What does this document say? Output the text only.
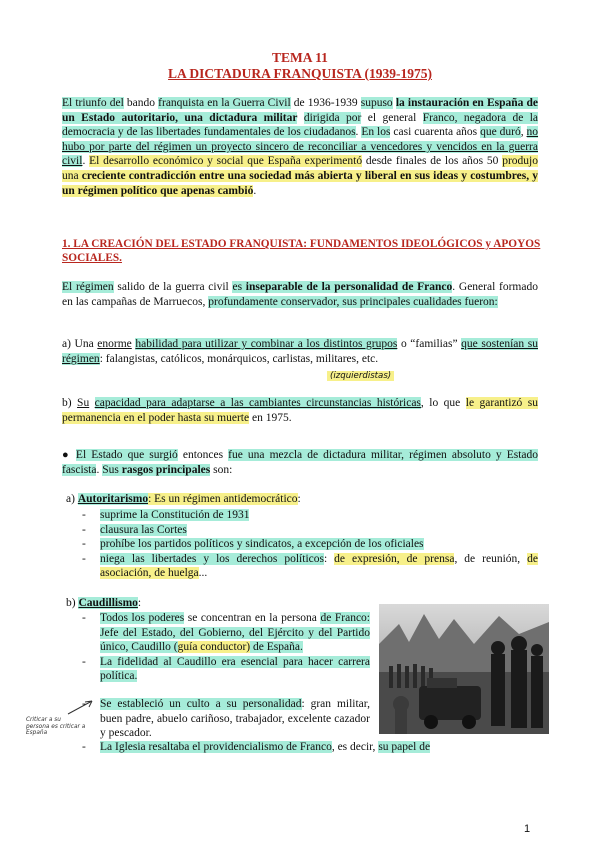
TEMA 11
LA DICTADURA FRANQUISTA (1939-1975)
El triunfo del bando franquista en la Guerra Civil de 1936-1939 supuso la instauración en España de un Estado autoritario, una dictadura militar dirigida por el general Franco, negadora de la democracia y de las libertades fundamentales de los ciudadanos. En los casi cuarenta años que duró, no hubo por parte del régimen un proyecto sincero de reconciliar a vencedores y vencidos en la guerra civil. El desarrollo económico y social que España experimentó desde finales de los años 50 produjo una creciente contradicción entre una sociedad más abierta y liberal en sus ideas y costumbres, y un régimen político que apenas cambió.
1. LA CREACIÓN DEL ESTADO FRANQUISTA: FUNDAMENTOS IDEOLÓGICOS y APOYOS SOCIALES.
El régimen salido de la guerra civil es inseparable de la personalidad de Franco. General formado en las campañas de Marruecos, profundamente conservador, sus principales cualidades fueron:
a) Una enorme habilidad para utilizar y combinar a los distintos grupos o “familias” que sostenían su régimen: falangistas, católicos, monárquicos, carlistas, militares, etc.
(izquierdistas)
b) Su capacidad para adaptarse a las cambiantes circunstancias históricas, lo que le garantizó su permanencia en el poder hasta su muerte en 1975.
● El Estado que surgió entonces fue una mezcla de dictadura militar, régimen absoluto y Estado fascista. Sus rasgos principales son:
a) Autoritarismo: Es un régimen antidemocrático:
- suprime la Constitución de 1931
- clausura las Cortes
- prohíbe los partidos políticos y sindicatos, a excepción de los oficiales
- niega las libertades y los derechos políticos: de expresión, de prensa, de reunión, de asociación, de huelga...
b) Caudillismo:
- Todos los poderes se concentran en la persona de Franco: Jefe del Estado, del Gobierno, del Ejército y del Partido único, Caudillo (guía conductor) de España.
- La fidelidad al Caudillo era esencial para hacer carrera política.
- Se estableció un culto a su personalidad: gran militar, buen padre, abuelo cariñoso, trabajador, excelente cazador y pescador.
- La Iglesia resaltaba el providencialismo de Franco, es decir, su papel de
Criticar a su persona es criticar a España
1
